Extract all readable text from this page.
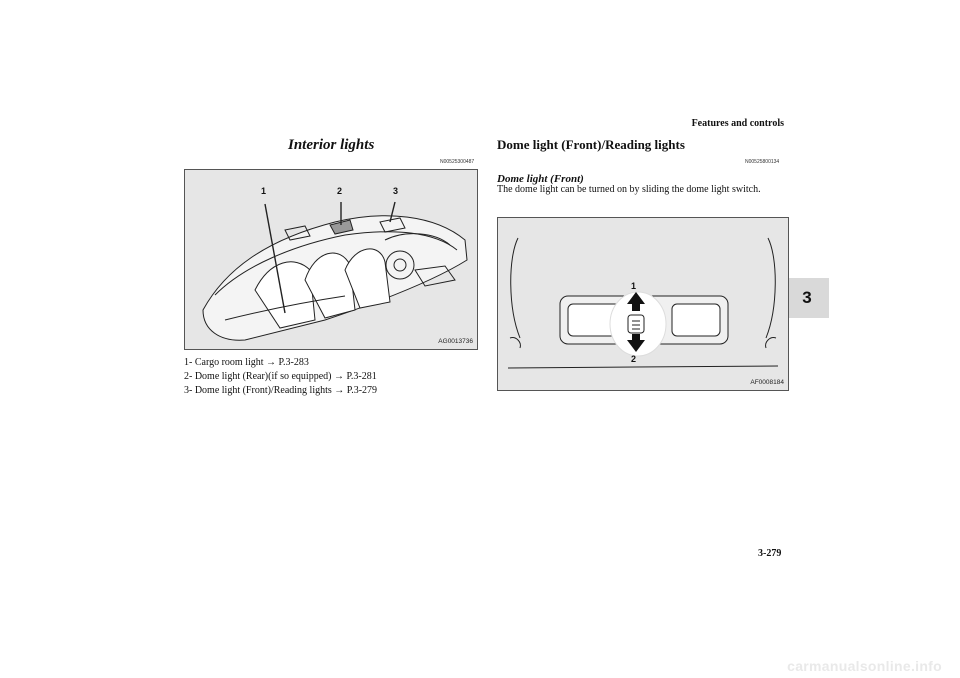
Features and controls
3
Interior lights
N00525300487
1	2	3
AG0013736
1- Cargo room light → P.3-283
2- Dome light (Rear)(if so equipped) → P.3-281
3- Dome light (Front)/Reading lights → P.3-279
Dome light (Front)/Reading lights
N00525800134
Dome light (Front)
The dome light can be turned on by sliding the dome light switch.
1
2
AF0008184
3-279
carmanualsonline.info
